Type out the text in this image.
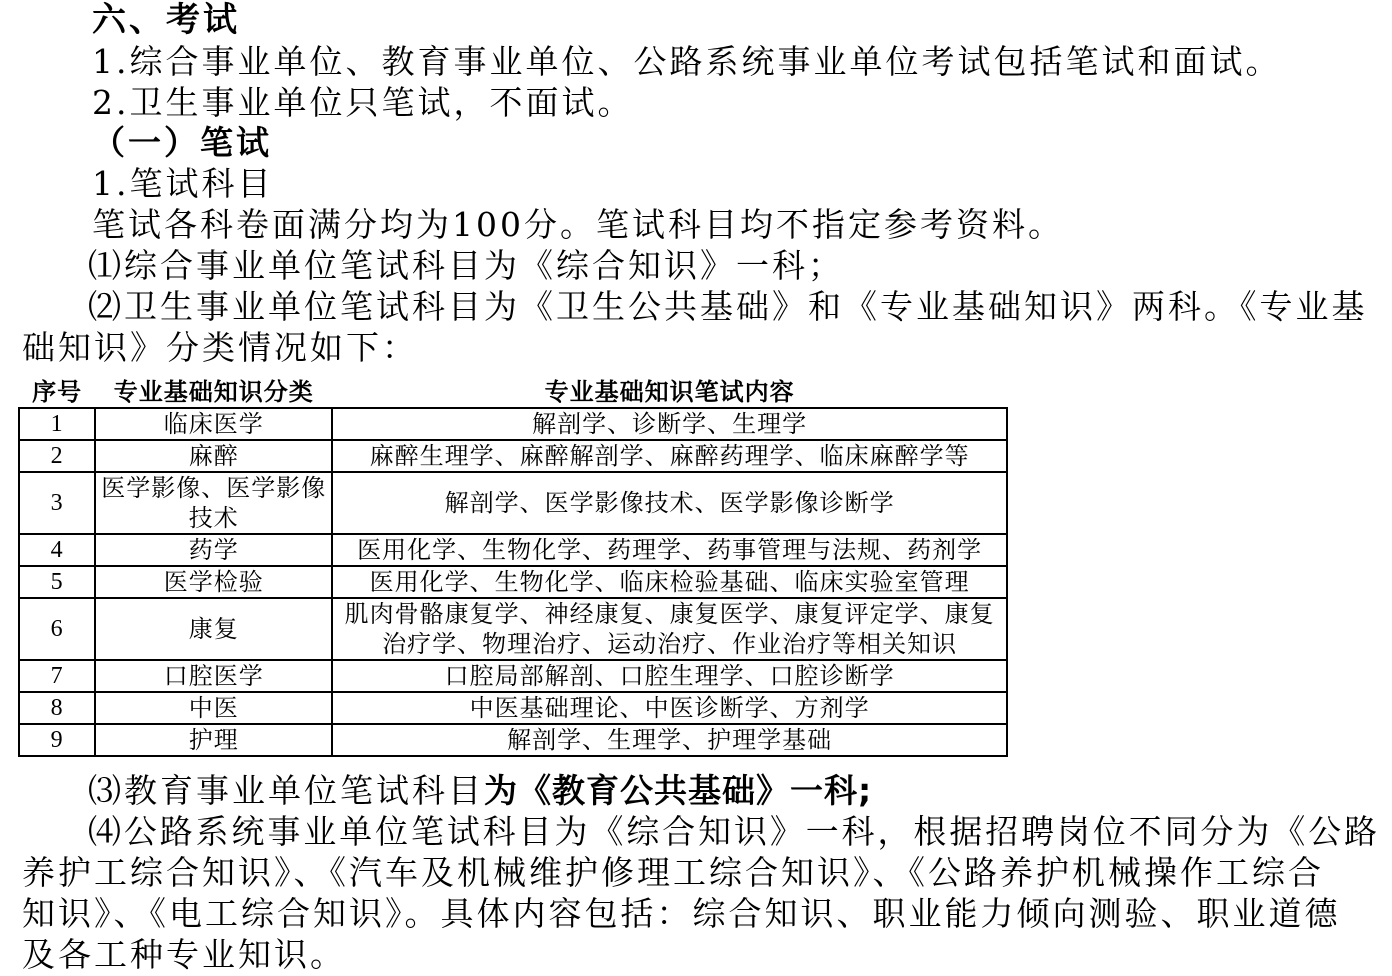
六、考试
1.综合事业单位、教育事业单位、公路系统事业单位考试包括笔试和面试。
2.卫生事业单位只笔试，不面试。
（一）笔试
1.笔试科目
笔试各科卷面满分均为100分。笔试科目均不指定参考资料。
⑴综合事业单位笔试科目为《综合知识》一科；
⑵卫生事业单位笔试科目为《卫生公共基础》和《专业基础知识》两科。《专业基
础知识》分类情况如下：
序号	专业基础知识分类	专业基础知识笔试内容
1	临床医学	解剖学、诊断学、生理学
2	麻醉	麻醉生理学、麻醉解剖学、麻醉药理学、临床麻醉学等
3	医学影像、医学影像技术	解剖学、医学影像技术、医学影像诊断学
4	药学	医用化学、生物化学、药理学、药事管理与法规、药剂学
5	医学检验	医用化学、生物化学、临床检验基础、临床实验室管理
6	康复	肌肉骨骼康复学、神经康复、康复医学、康复评定学、康复治疗学、物理治疗、运动治疗、作业治疗等相关知识
7	口腔医学	口腔局部解剖、口腔生理学、口腔诊断学
8	中医	中医基础理论、中医诊断学、方剂学
9	护理	解剖学、生理学、护理学基础
⑶教育事业单位笔试科目为《教育公共基础》一科;
⑷公路系统事业单位笔试科目为《综合知识》一科，根据招聘岗位不同分为《公路
养护工综合知识》、《汽车及机械维护修理工综合知识》、《公路养护机械操作工综合
知识》、《电工综合知识》。具体内容包括：综合知识、职业能力倾向测验、职业道德
及各工种专业知识。
